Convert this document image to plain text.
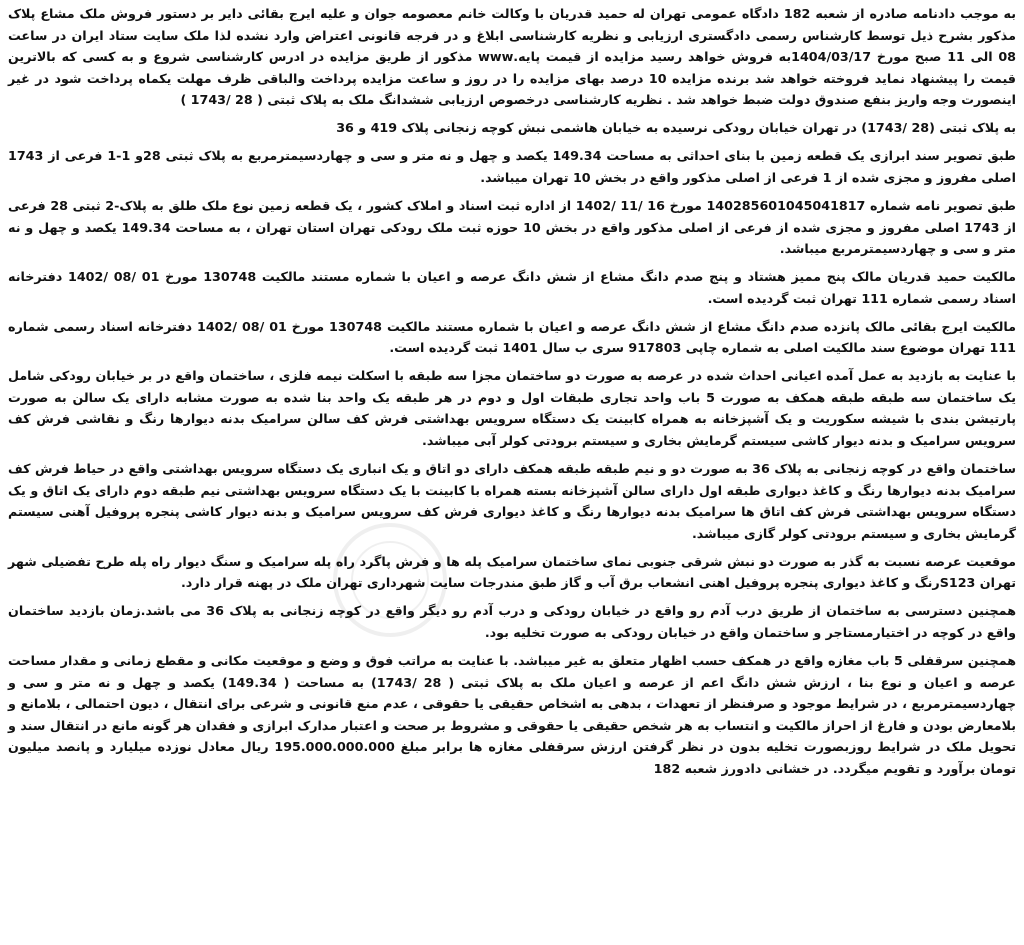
به موجب دادنامه صادره از شعبه 182 دادگاه عمومی تهران له حمید قدریان با وکالت خانم معصومه جوان و علیه ایرج بقائی دایر بر دستور فروش ملک مشاع پلاک مذکور بشرح ذیل توسط کارشناس رسمی دادگستری ارزیابی و نظریه کارشناسی ابلاغ و در فرجه قانونی اعتراض وارد نشده لذا ملک سایت ستاد ایران در ساعت 08 الی 11 صبح مورخ 1404/03/17به فروش خواهد رسید مزایده از قیمت پایه.www مذکور از طریق مزایده در ادرس کارشناسی شروع و به کسی که بالاترین قیمت را پیشنهاد نماید فروخته خواهد شد برنده مزایده 10 درصد بهای مزایده را در روز و ساعت مزایده پرداخت والباقی ظرف مهلت یکماه پرداخت شود در غیر اینصورت وجه واریز بنفع صندوق دولت ضبط خواهد شد . نظریه کارشناسی درخصوص ارزیابی ششدانگ ملک به پلاک ثبتی ( 28 /1743 )

به پلاک ثبتی (28 /1743) در تهران خیابان رودکی نرسیده به خیابان هاشمی نبش کوچه زنجانی پلاک 419 و 36

طبق تصویر سند ابرازی یک قطعه زمین با بنای احداثی به مساحت 149.34 یکصد و چهل و نه متر و سی و چهاردسیمترمربع به پلاک ثبتی 28و 1-1 فرعی از 1743 اصلی مفروز و مجزی شده از 1 فرعی از اصلی مذکور واقع در بخش 10 تهران میباشد.

طبق تصویر نامه شماره 140285601045041817 مورخ 16 /11 /1402 از اداره ثبت اسناد و املاک کشور ، یک قطعه زمین نوع ملک طلق به پلاک-2 ثبتی 28 فرعی از 1743 اصلی مفروز و مجزی شده از فرعی از اصلی مذکور واقع در بخش 10 حوزه ثبت ملک رودکی تهران استان تهران ، به مساحت 149.34 یکصد و چهل و نه متر و سی و چهاردسیمترمربع میباشد.

مالکیت حمید قدریان مالک پنج ممیز هشتاد و پنج صدم دانگ مشاع از شش دانگ عرصه و اعیان با شماره مستند مالکیت 130748 مورخ 01 /08 /1402 دفترخانه اسناد رسمی شماره 111 تهران ثبت گردیده است.

مالکیت ایرج بقائی مالک پانزده صدم دانگ مشاع از شش دانگ عرصه و اعیان با شماره مستند مالکیت 130748 مورخ 01 /08 /1402 دفترخانه اسناد رسمی شماره 111 تهران موضوع سند مالکیت اصلی به شماره چاپی 917803 سری ب سال 1401 ثبت گردیده است.

با عنایت به بازدید به عمل آمده اعیانی احداث شده در عرصه به صورت دو ساختمان مجزا سه طبقه با اسکلت نیمه فلزی ، ساختمان واقع در بر خیابان رودکی شامل یک ساختمان سه طبقه طبقه همکف به صورت 5 باب واحد تجاری طبقات اول و دوم در هر طبقه یک واحد بنا شده به صورت مشابه دارای یک سالن به صورت پارتیشن بندی با شیشه سکوریت و یک آشپزخانه به همراه کابینت یک دستگاه سرویس بهداشتی فرش کف سالن سرامیک بدنه دیوارها رنگ و نقاشی فرش کف سرویس سرامیک و بدنه دیوار کاشی سیستم گرمایش بخاری و سیستم برودتی کولر آبی میباشد.

ساختمان واقع در کوچه زنجانی به پلاک 36 به صورت دو و نیم طبقه طبقه همکف دارای دو اتاق و یک انباری یک دستگاه سرویس بهداشتی واقع در حیاط فرش کف سرامیک بدنه دیوارها رنگ و کاغذ دیواری طبقه اول دارای سالن آشپزخانه بسته همراه با کابینت با یک دستگاه سرویس بهداشتی نیم طبقه دوم دارای یک اتاق و یک دستگاه سرویس بهداشتی فرش کف اتاق ها سرامیک بدنه دیوارها رنگ و کاغذ دیواری فرش کف سرویس سرامیک و بدنه دیوار کاشی پنجره پروفیل آهنی سیستم گرمایش بخاری و سیستم برودتی کولر گازی میباشد.

موقعیت عرصه نسبت به گذر به صورت دو نبش شرقی جنوبی نمای ساختمان سرامیک پله ها و فرش پاگرد راه پله سرامیک و سنگ دیوار راه پله طرح تفضیلی شهر تهران S123رنگ و کاغذ دیواری پنجره پروفیل اهنی انشعاب برق آب و گاز طبق مندرجات سایت شهرداری تهران ملک در پهنه قرار دارد.

همچنین دسترسی به ساختمان از طریق درب آدم رو واقع در خیابان رودکی و درب آدم رو دیگر واقع در کوچه زنجانی به پلاک 36 می باشد.زمان بازدید ساختمان واقع در کوچه در اختیارمستاجر و ساختمان واقع در خیابان رودکی به صورت تخلیه بود.

همچنین سرقفلی 5 باب مغازه واقع در همکف حسب اظهار متعلق به غیر میباشد. با عنایت به مراتب فوق و وضع و موقعیت مکانی و مقطع زمانی و مقدار مساحت عرصه و اعیان و نوع بنا ، ارزش شش دانگ اعم از عرصه و اعیان ملک به پلاک ثبتی ( 28 /1743) به مساحت ( 149.34) یکصد و چهل و نه متر و سی و چهاردسیمترمربع ، در شرایط موجود و صرفنظر از تعهدات ، بدهی به اشخاص حقیقی یا حقوقی ، عدم منع قانونی و شرعی برای انتقال ، دیون احتمالی ، بلامانع و بلامعارض بودن و فارغ از احراز مالکیت و انتساب به هر شخص حقیقی یا حقوقی و مشروط بر صحت و اعتبار مدارک ابرازی و فقدان هر گونه مانع در انتقال سند و تحویل ملک در شرایط روزبصورت تخلیه بدون در نظر گرفتن ارزش سرقفلی مغازه ها برابر مبلغ 195.000.000.000 ریال معادل نوزده میلیارد و پانصد میلیون تومان برآورد و تقویم میگردد. در خشانی دادورز شعبه 182
